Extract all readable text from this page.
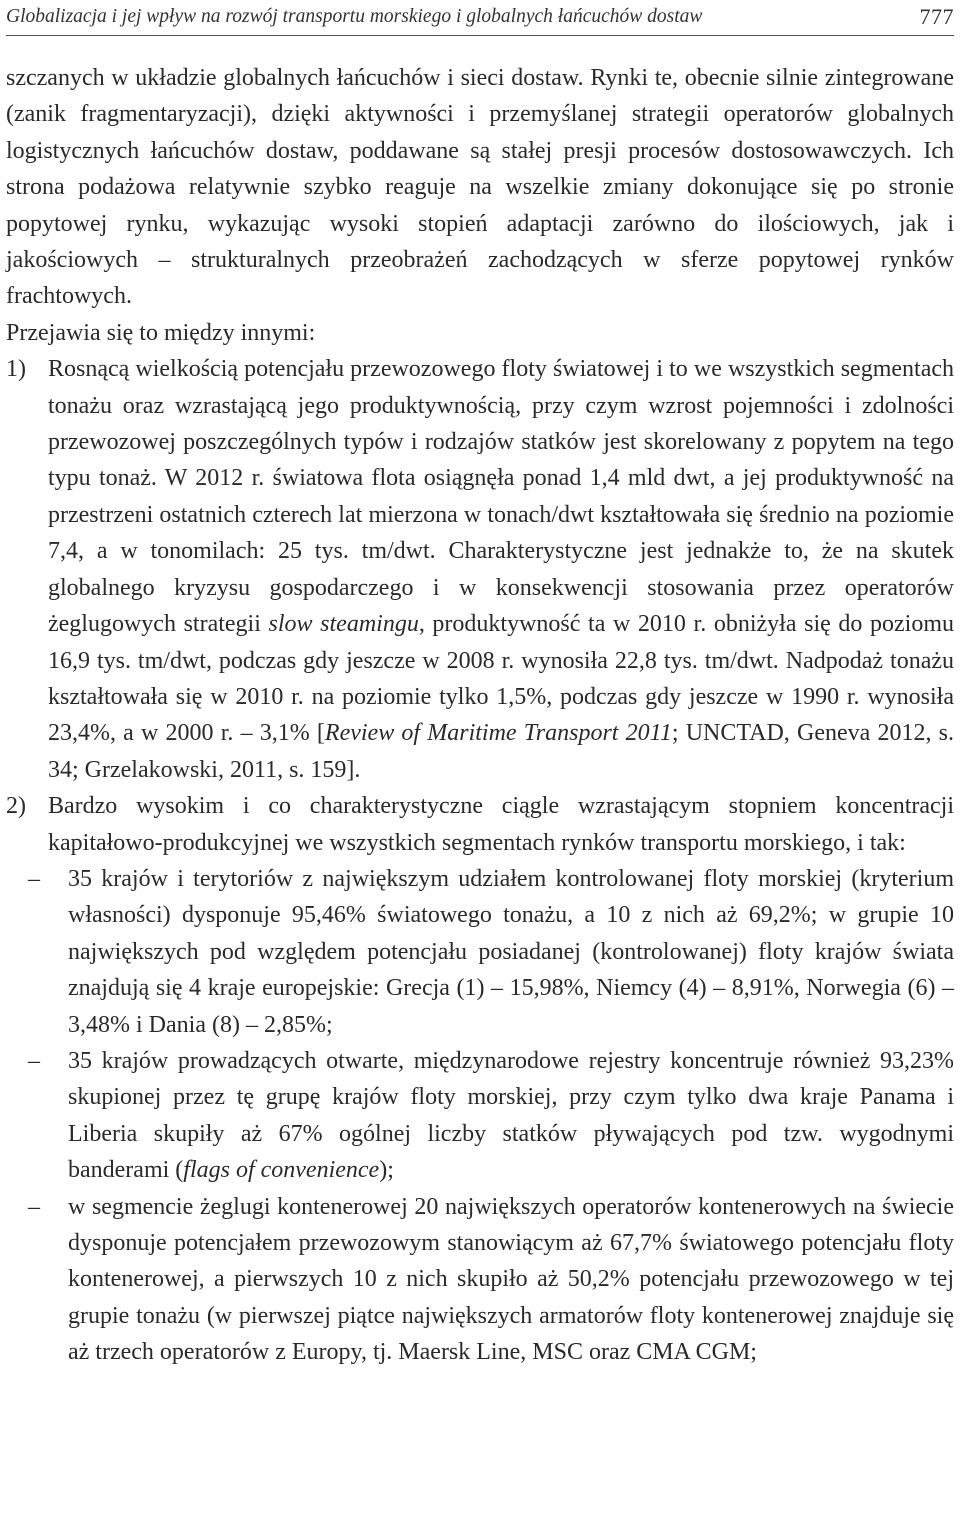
Globalizacja i jej wpływ na rozwój transportu morskiego i globalnych łańcuchów dostaw	777

szczanych w układzie globalnych łańcuchów i sieci dostaw. Rynki te, obecnie silnie zintegrowane (zanik fragmentaryzacji), dzięki aktywności i przemyślanej strategii operatorów globalnych logistycznych łańcuchów dostaw, poddawane są stałej presji procesów dostosowawczych. Ich strona podażowa relatywnie szybko reaguje na wszelkie zmiany dokonujące się po stronie popytowej rynku, wykazując wysoki stopień adaptacji zarówno do ilościowych, jak i jakościowych – strukturalnych przeobrażeń zachodzących w sferze popytowej rynków frachtowych.

Przejawia się to między innymi:

1) Rosnącą wielkością potencjału przewozowego floty światowej i to we wszystkich segmentach tonażu oraz wzrastającą jego produktywnością, przy czym wzrost pojemności i zdolności przewozowej poszczególnych typów i rodzajów statków jest skorelowany z popytem na tego typu tonaż. W 2012 r. światowa flota osiągnęła ponad 1,4 mld dwt, a jej produktywność na przestrzeni ostatnich czterech lat mierzona w tonach/dwt kształtowała się średnio na poziomie 7,4, a w tonomilach: 25 tys. tm/dwt. Charakterystyczne jest jednakże to, że na skutek globalnego kryzysu gospodarczego i w konsekwencji stosowania przez operatorów żeglugowych strategii slow steamingu, produktywność ta w 2010 r. obniżyła się do poziomu 16,9 tys. tm/dwt, podczas gdy jeszcze w 2008 r. wynosiła 22,8 tys. tm/dwt. Nadpodaż tonażu kształtowała się w 2010 r. na poziomie tylko 1,5%, podczas gdy jeszcze w 1990 r. wynosiła 23,4%, a w 2000 r. – 3,1% [Review of Maritime Transport 2011; UNCTAD, Geneva 2012, s. 34; Grzelakowski, 2011, s. 159].
2) Bardzo wysokim i co charakterystyczne ciągle wzrastającym stopniem koncentracji kapitałowo-produkcyjnej we wszystkich segmentach rynków transportu morskiego, i tak:
– 35 krajów i terytoriów z największym udziałem kontrolowanej floty morskiej (kryterium własności) dysponuje 95,46% światowego tonażu, a 10 z nich aż 69,2%; w grupie 10 największych pod względem potencjału posiadanej (kontrolowanej) floty krajów świata znajdują się 4 kraje europejskie: Grecja (1) – 15,98%, Niemcy (4) – 8,91%, Norwegia (6) – 3,48% i Dania (8) – 2,85%;
– 35 krajów prowadzących otwarte, międzynarodowe rejestry koncentruje również 93,23% skupionej przez tę grupę krajów floty morskiej, przy czym tylko dwa kraje Panama i Liberia skupiły aż 67% ogólnej liczby statków pływających pod tzw. wygodnymi banderami (flags of convenience);
– w segmencie żeglugi kontenerowej 20 największych operatorów kontenerowych na świecie dysponuje potencjałem przewozowym stanowiącym aż 67,7% światowego potencjału floty kontenerowej, a pierwszych 10 z nich skupiło aż 50,2% potencjału przewozowego w tej grupie tonażu (w pierwszej piątce największych armatorów floty kontenerowej znajduje się aż trzech operatorów z Europy, tj. Maersk Line, MSC oraz CMA CGM;
